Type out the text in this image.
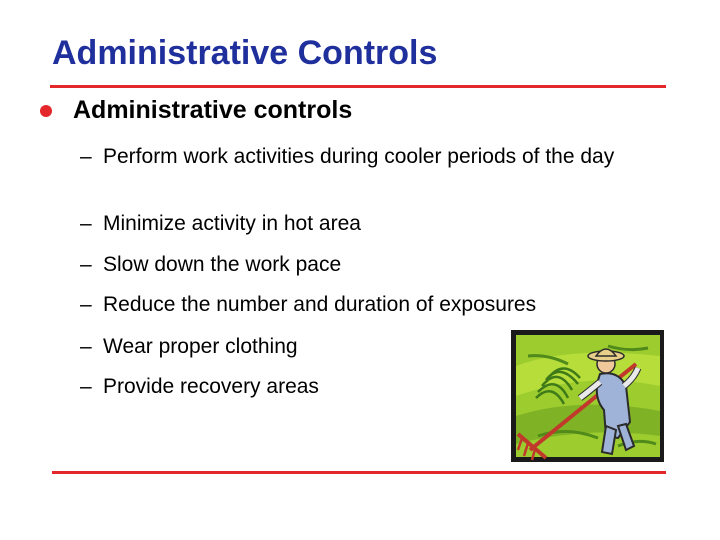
Administrative Controls
Administrative controls
– Perform work activities during cooler periods of the day
– Minimize activity in hot area
– Slow down the work pace
– Reduce the number and duration of exposures
– Wear proper clothing
– Provide recovery areas
